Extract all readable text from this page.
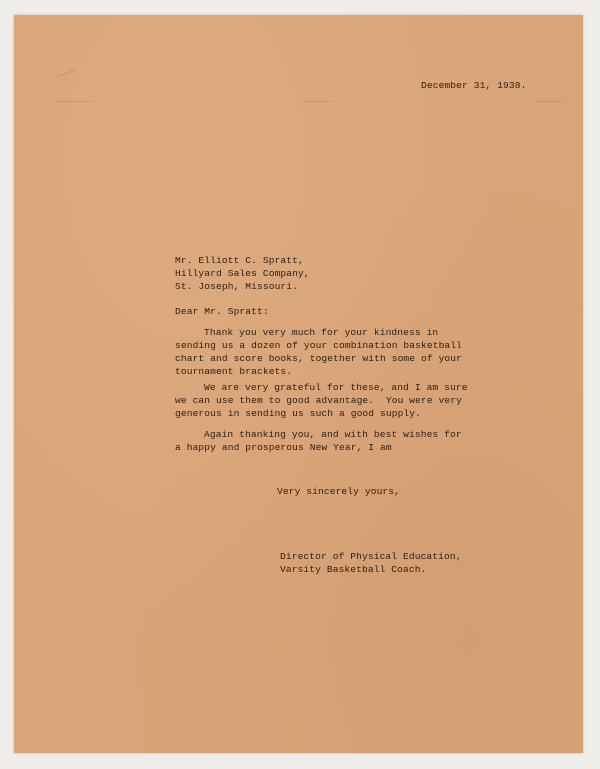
December 31, 1938.
Mr. Elliott C. Spratt,
Hillyard Sales Company,
St. Joseph, Missouri.
Dear Mr. Spratt:
Thank you very much for your kindness in
sending us a dozen of your combination basketball
chart and score books, together with some of your
tournament brackets.
We are very grateful for these, and I am sure
we can use them to good advantage.  You were very
generous in sending us such a good supply.
Again thanking you, and with best wishes for
a happy and prosperous New Year, I am
Very sincerely yours,
Director of Physical Education,
Varsity Basketball Coach.
